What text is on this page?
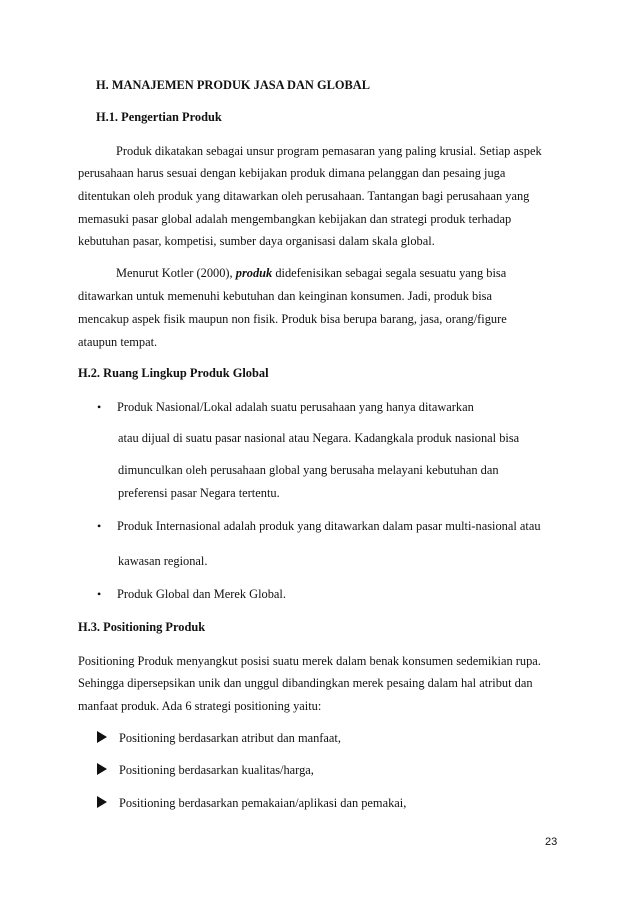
H. MANAJEMEN PRODUK JASA DAN GLOBAL
H.1. Pengertian Produk
Produk dikatakan sebagai unsur program pemasaran yang paling krusial. Setiap aspek
perusahaan harus sesuai dengan kebijakan produk dimana pelanggan dan pesaing juga
ditentukan oleh produk yang ditawarkan oleh perusahaan. Tantangan bagi perusahaan yang
memasuki pasar global adalah mengembangkan kebijakan dan strategi produk terhadap
kebutuhan pasar, kompetisi, sumber daya organisasi dalam skala global.
Menurut Kotler (2000), produk didefenisikan sebagai segala sesuatu yang bisa
ditawarkan untuk memenuhi kebutuhan dan keinginan konsumen. Jadi, produk bisa
mencakup aspek fisik maupun non fisik. Produk bisa berupa barang, jasa, orang/figure
ataupun tempat.
H.2. Ruang Lingkup Produk Global
• Produk Nasional/Lokal adalah suatu perusahaan yang hanya ditawarkan
atau dijual di suatu pasar nasional atau Negara. Kadangkala produk nasional bisa
dimunculkan oleh perusahaan global yang berusaha melayani kebutuhan dan
preferensi pasar Negara tertentu.
• Produk Internasional adalah produk yang ditawarkan dalam pasar multi-nasional atau
kawasan regional.
• Produk Global dan Merek Global.
H.3. Positioning Produk
Positioning Produk menyangkut posisi suatu merek dalam benak konsumen sedemikian rupa.
Sehingga dipersepsikan unik dan unggul dibandingkan merek pesaing dalam hal atribut dan
manfaat produk. Ada 6 strategi positioning yaitu:
Positioning berdasarkan atribut dan manfaat,
Positioning berdasarkan kualitas/harga,
Positioning berdasarkan pemakaian/aplikasi dan pemakai,
23
